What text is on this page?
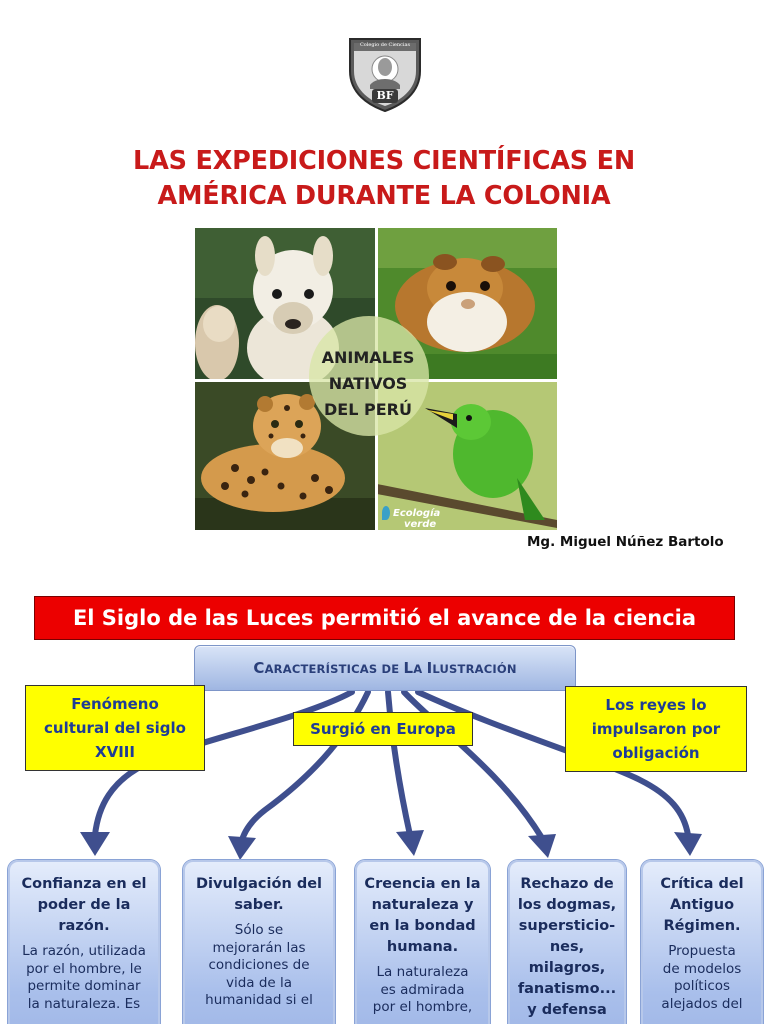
Colegio de Ciencias
BF
LAS EXPEDICIONES CIENTÍFICAS EN
AMÉRICA DURANTE LA COLONIA
ANIMALES
NATIVOS
DEL PERÚ
Ecología
verde
Mg. Miguel Núñez Bartolo
El Siglo de las Luces permitió el avance de la ciencia
CARACTERÍSTICAS DE LA ILUSTRACIÓN
Fenómeno
cultural del siglo
XVIII
Surgió en Europa
Los reyes lo
impulsaron por
obligación
Confianza en el
poder de la
razón.
La razón, utilizada
por el hombre, le
permite dominar
la naturaleza. Es
Divulgación del
saber.
Sólo se
mejorarán las
condiciones de
vida de la
humanidad si el
Creencia en la
naturaleza y
en la bondad
humana.
La naturaleza
es admirada
por el hombre,
Rechazo de
los dogmas,
supersticio-
nes,
milagros,
fanatismo...
y defensa
Crítica del
Antiguo
Régimen.
Propuesta
de modelos
políticos
alejados del
